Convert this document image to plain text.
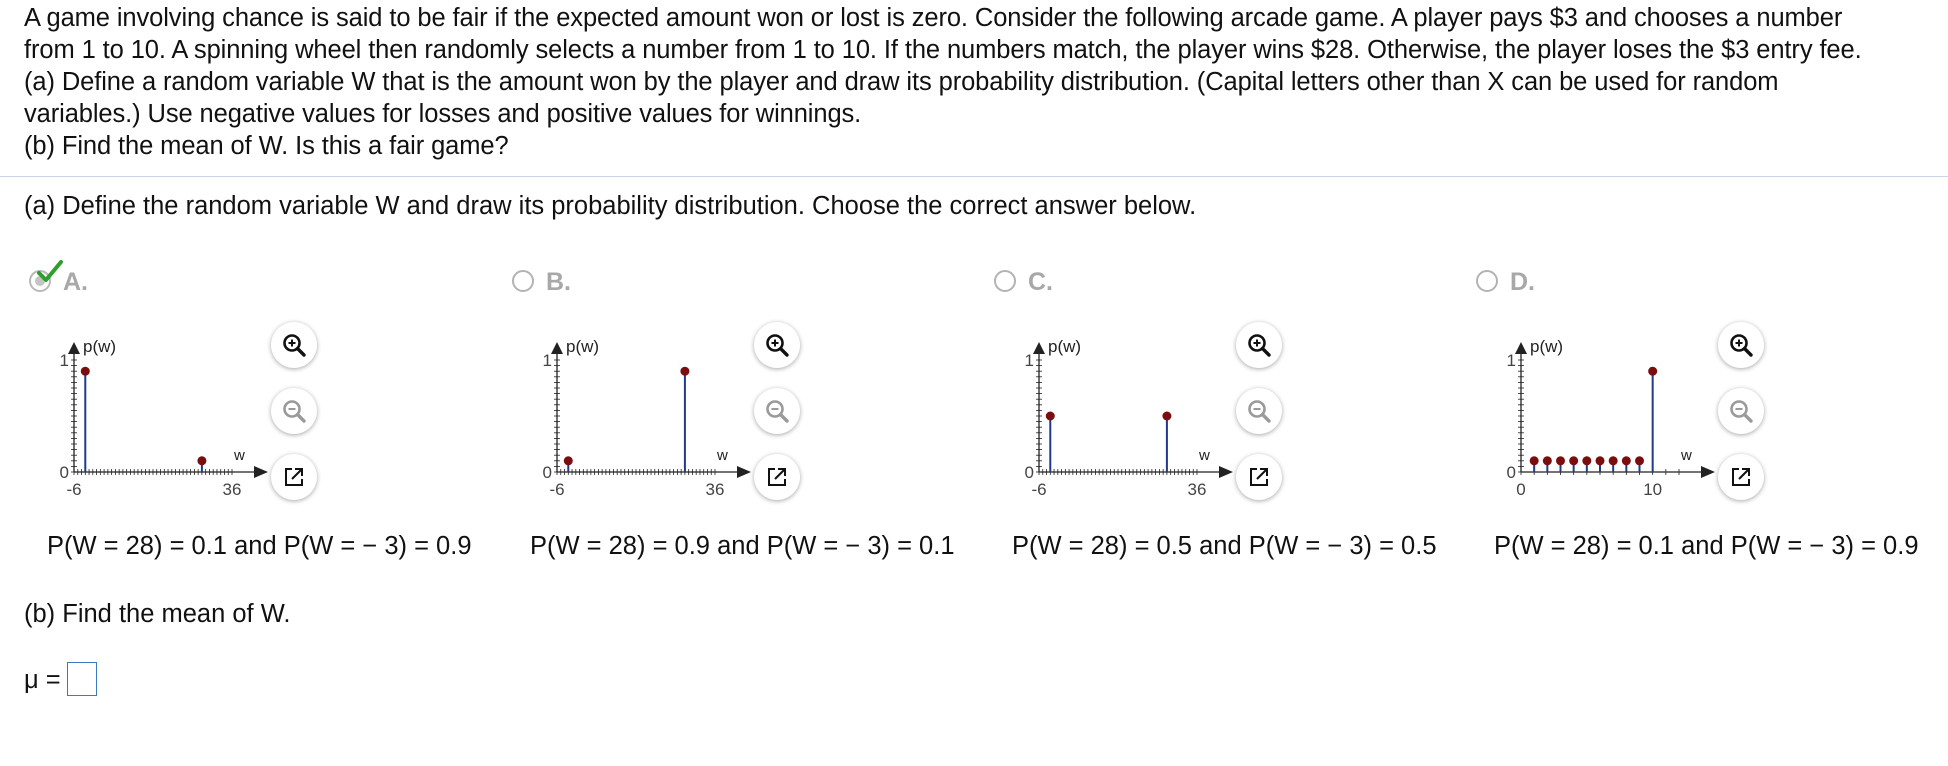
A game involving chance is said to be fair if the expected amount won or lost is zero. Consider the following arcade game. A player pays $3 and chooses a number

from 1 to 10. A spinning wheel then randomly selects a number from 1 to 10. If the numbers match, the player wins $28. Otherwise, the player loses the $3 entry fee.

(a) Define a random variable W that is the amount won by the player and draw its probability distribution. (Capital letters other than X can be used for random

variables.) Use negative values for losses and positive values for winnings.

(b) Find the mean of W. Is this a fair game?

(a) Define the random variable W and draw its probability distribution. Choose the correct answer below.
A.
p(w)
w
1
0
-6	36
P(W = 28) = 0.1 and P(W = − 3) = 0.9
B.
p(w)
w
1
0
-6	36
P(W = 28) = 0.9 and P(W = − 3) = 0.1
C.
p(w)
w
1
0
-6	36
P(W = 28) = 0.5 and P(W = − 3) = 0.5
D.
p(w)
w
1
0
0	10
P(W = 28) = 0.1 and P(W = − 3) = 0.9
(b) Find the mean of W.
μ =
